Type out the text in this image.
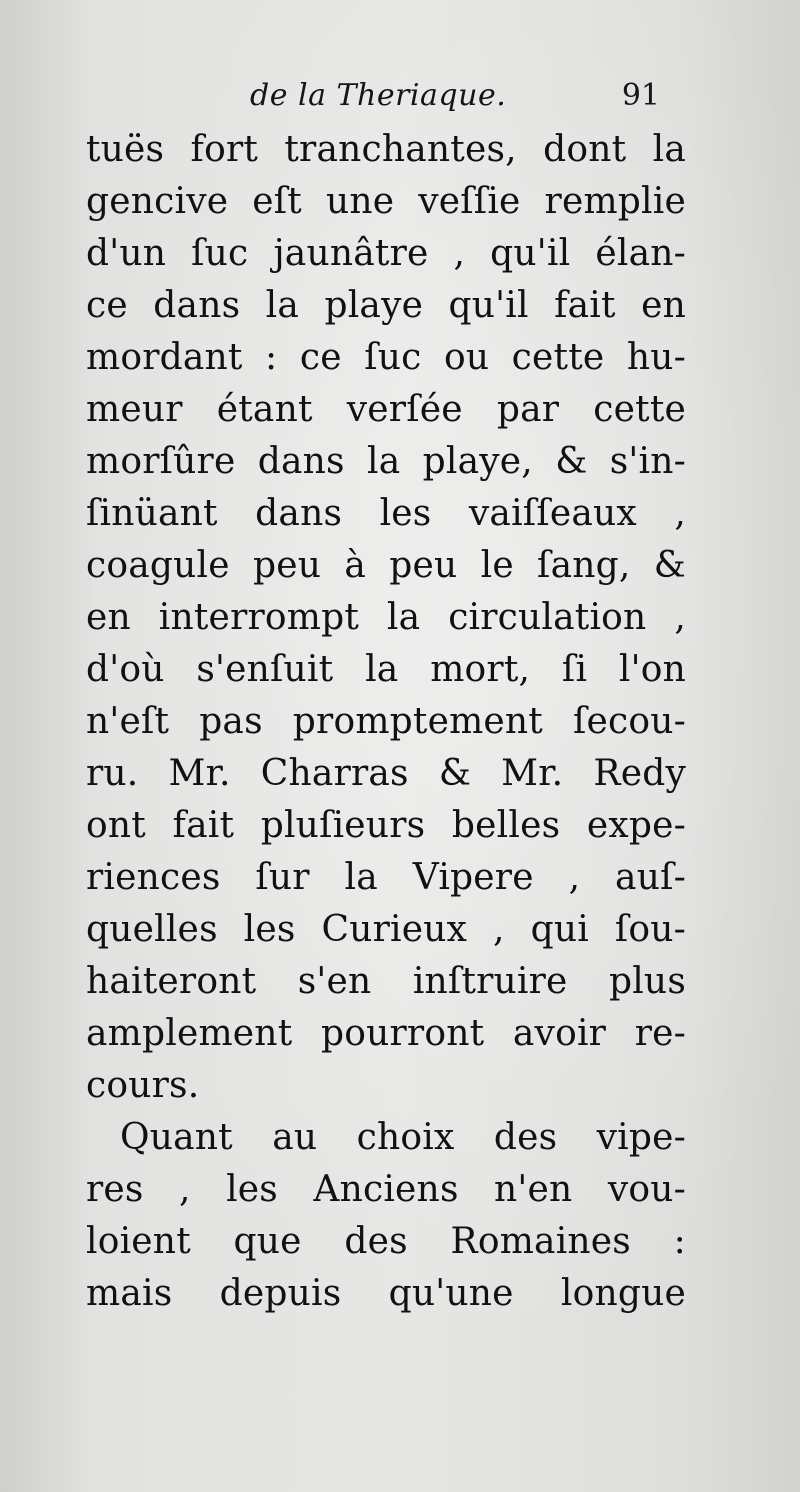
de la Theriaque.	91
tuës fort tranchantes, dont la
gencive eſt une veſſie remplie
d'un ſuc jaunâtre , qu'il élan-
ce dans la playe qu'il fait en
mordant : ce ſuc ou cette hu-
meur étant verſée par cette
morſûre dans la playe, & s'in-
ſinüant dans les vaiſſeaux ,
coagule peu à peu le ſang, &
en interrompt la circulation ,
d'où s'enſuit la mort, ſi l'on
n'eſt pas promptement ſecou-
ru. Mr. Charras & Mr. Redy
ont fait pluſieurs belles expe-
riences ſur la Vipere , auſ-
quelles les Curieux , qui ſou-
haiteront s'en inſtruire plus
amplement pourront avoir re-
cours.
Quant au choix des vipe-
res , les Anciens n'en vou-
loient que des Romaines :
mais depuis qu'une longue
